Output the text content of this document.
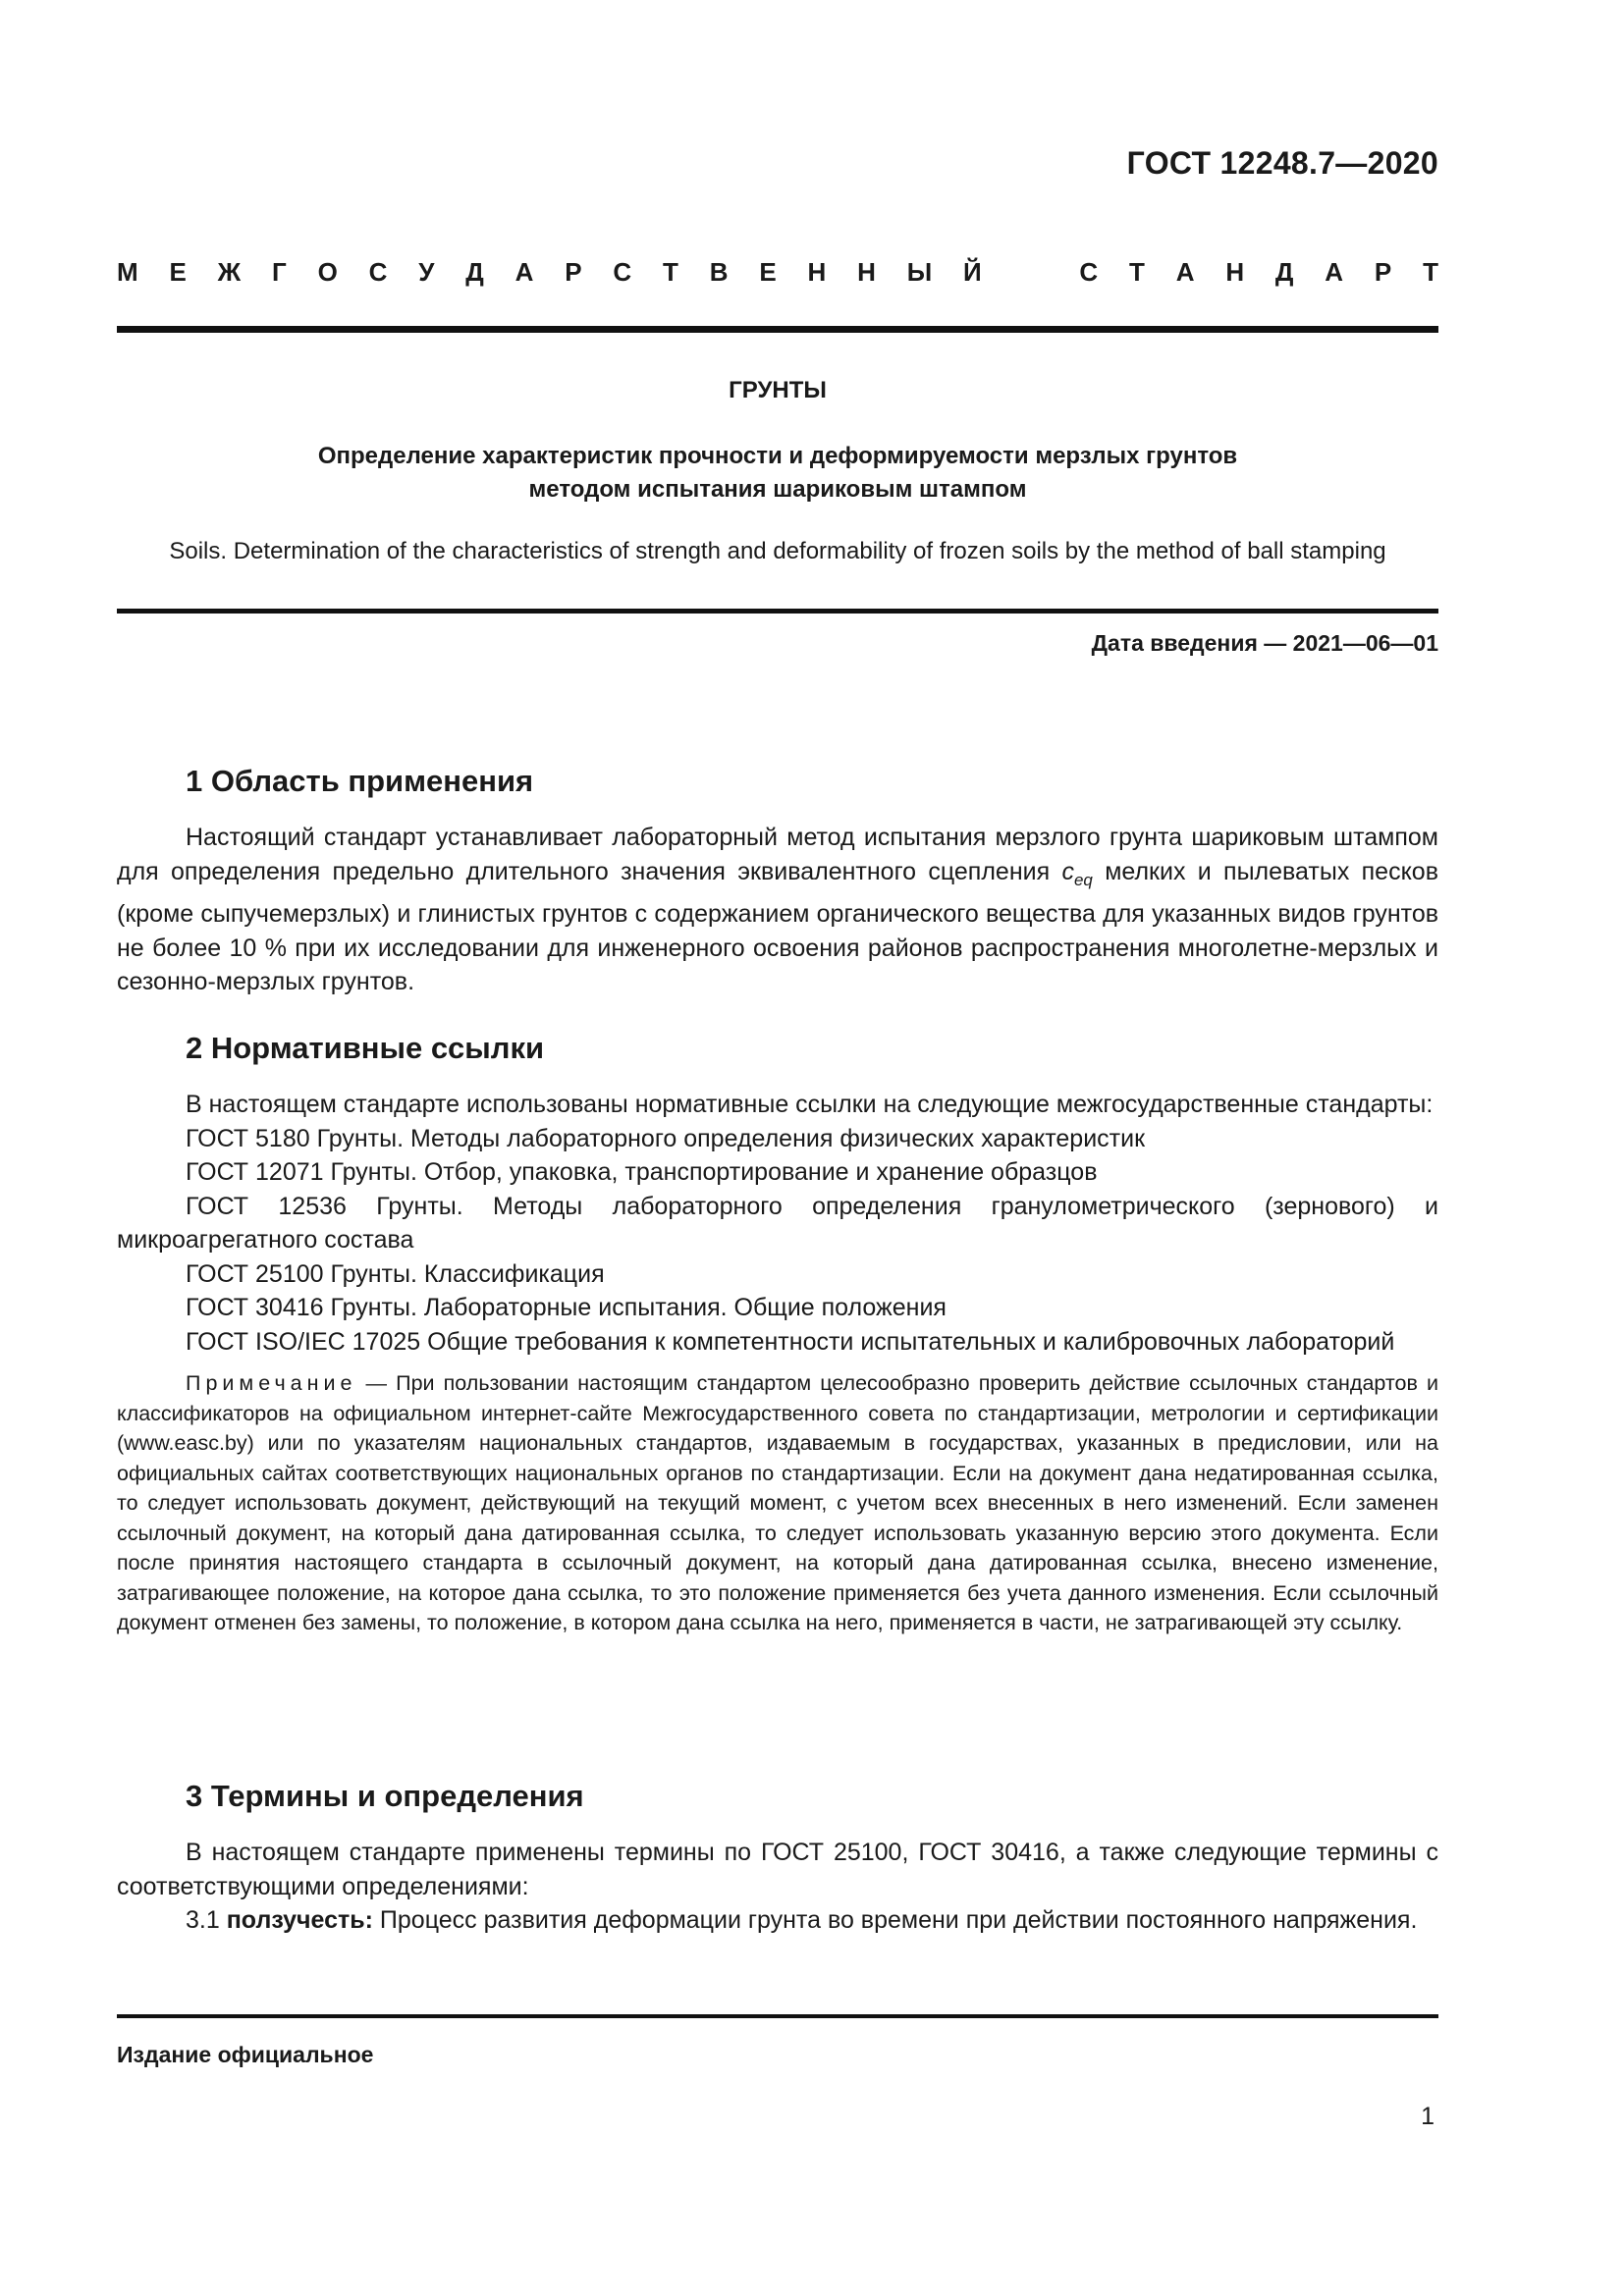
ГОСТ 12248.7—2020
М Е Ж Г О С У Д А Р С Т В Е Н Н Ы Й	С Т А Н Д А Р Т
ГРУНТЫ
Определение характеристик прочности и деформируемости мерзлых грунтов
методом испытания шариковым штампом
Soils. Determination of the characteristics of strength and deformability of frozen soils by the method of ball stamping
Дата введения — 2021—06—01
1 Область применения

Настоящий стандарт устанавливает лабораторный метод испытания мерзлого грунта шариковым штампом для определения предельно длительного значения эквивалентного сцепления $c_{eq}$ мелких и пылеватых песков (кроме сыпучемерзлых) и глинистых грунтов с содержанием органического вещества для указанных видов грунтов не более 10 % при их исследовании для инженерного освоения районов распространения многолетне-мерзлых и сезонно-мерзлых грунтов.

2 Нормативные ссылки

В настоящем стандарте использованы нормативные ссылки на следующие межгосударственные стандарты:

ГОСТ 5180 Грунты. Методы лабораторного определения физических характеристик

ГОСТ 12071 Грунты. Отбор, упаковка, транспортирование и хранение образцов

ГОСТ 12536 Грунты. Методы лабораторного определения гранулометрического (зернового) и микроагрегатного состава

ГОСТ 25100 Грунты. Классификация

ГОСТ 30416 Грунты. Лабораторные испытания. Общие положения

ГОСТ ISO/IEC 17025 Общие требования к компетентности испытательных и калибровочных лабораторий

Примечание — При пользовании настоящим стандартом целесообразно проверить действие ссылочных стандартов и классификаторов на официальном интернет-сайте Межгосударственного совета по стандартизации, метрологии и сертификации (www.easc.by) или по указателям национальных стандартов, издаваемым в государствах, указанных в предисловии, или на официальных сайтах соответствующих национальных органов по стандартизации. Если на документ дана недатированная ссылка, то следует использовать документ, действующий на текущий момент, с учетом всех внесенных в него изменений. Если заменен ссылочный документ, на который дана датированная ссылка, то следует использовать указанную версию этого документа. Если после принятия настоящего стандарта в ссылочный документ, на который дана датированная ссылка, внесено изменение, затрагивающее положение, на которое дана ссылка, то это положение применяется без учета данного изменения. Если ссылочный документ отменен без замены, то положение, в котором дана ссылка на него, применяется в части, не затрагивающей эту ссылку.

3 Термины и определения

В настоящем стандарте применены термины по ГОСТ 25100, ГОСТ 30416, а также следующие термины с соответствующими определениями:

3.1 ползучесть: Процесс развития деформации грунта во времени при действии постоянного напряжения.

Издание официальное
1
